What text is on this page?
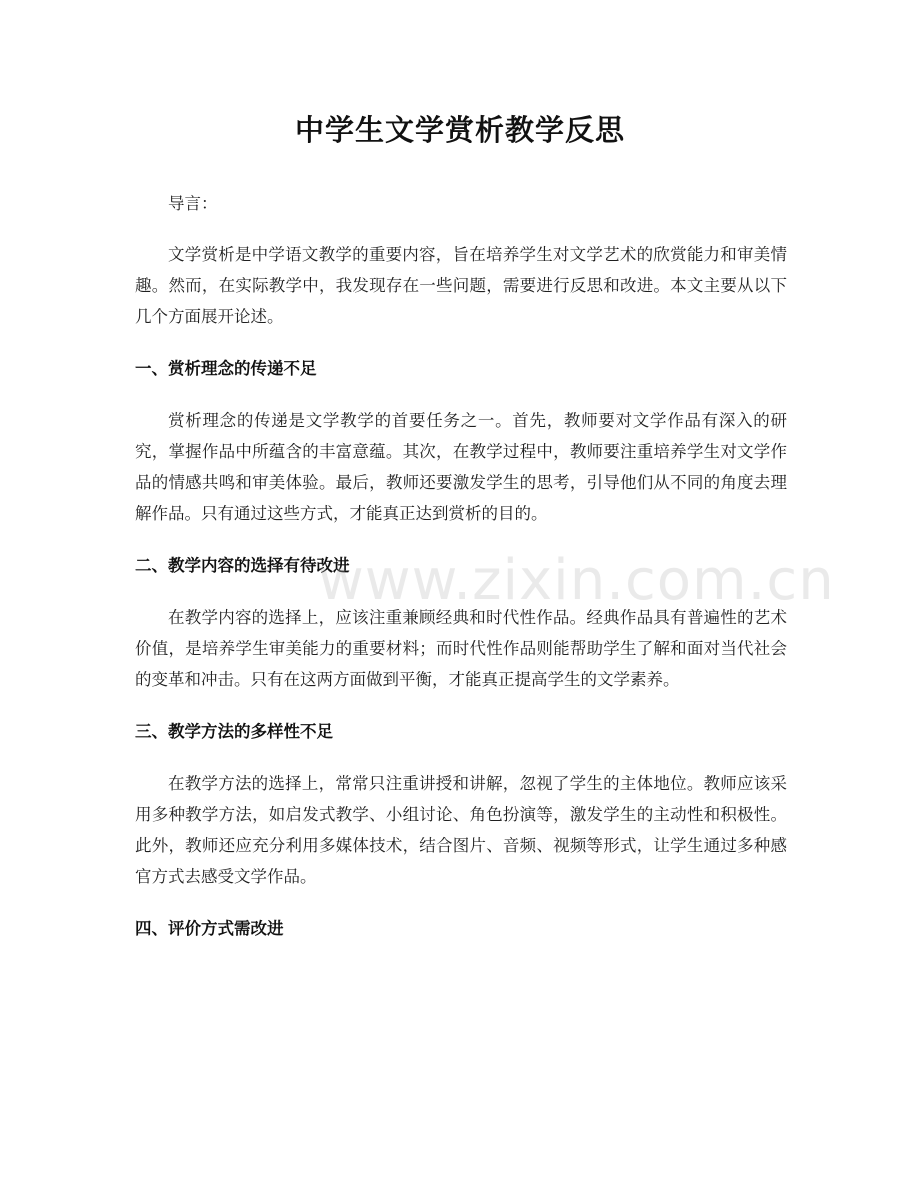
中学生文学赏析教学反思

导言：

文学赏析是中学语文教学的重要内容，旨在培养学生对文学艺术的欣赏能力和审美情趣。然而，在实际教学中，我发现存在一些问题，需要进行反思和改进。本文主要从以下几个方面展开论述。

一、赏析理念的传递不足

赏析理念的传递是文学教学的首要任务之一。首先，教师要对文学作品有深入的研究，掌握作品中所蕴含的丰富意蕴。其次，在教学过程中，教师要注重培养学生对文学作品的情感共鸣和审美体验。最后，教师还要激发学生的思考，引导他们从不同的角度去理解作品。只有通过这些方式，才能真正达到赏析的目的。

二、教学内容的选择有待改进

在教学内容的选择上，应该注重兼顾经典和时代性作品。经典作品具有普遍性的艺术价值，是培养学生审美能力的重要材料；而时代性作品则能帮助学生了解和面对当代社会的变革和冲击。只有在这两方面做到平衡，才能真正提高学生的文学素养。

三、教学方法的多样性不足

在教学方法的选择上，常常只注重讲授和讲解，忽视了学生的主体地位。教师应该采用多种教学方法，如启发式教学、小组讨论、角色扮演等，激发学生的主动性和积极性。此外，教师还应充分利用多媒体技术，结合图片、音频、视频等形式，让学生通过多种感官方式去感受文学作品。

四、评价方式需改进
www.zixin.com.cn
